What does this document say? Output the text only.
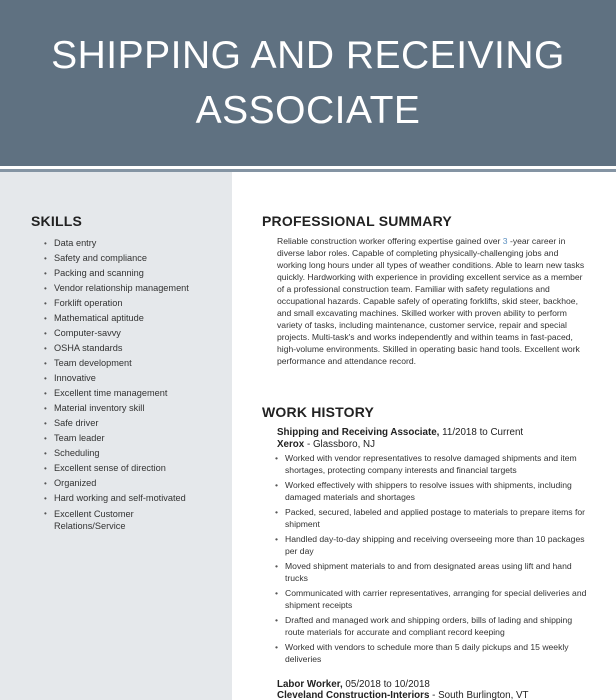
SHIPPING AND RECEIVING
ASSOCIATE
SKILLS
• Data entry
• Safety and compliance
• Packing and scanning
• Vendor relationship management
• Forklift operation
• Mathematical aptitude
• Computer-savvy
• OSHA standards
• Team development
• Innovative
• Excellent time management
• Material inventory skill
• Safe driver
• Team leader
• Scheduling
• Excellent sense of direction
• Organized
• Hard working and self-motivated
• Excellent Customer
Relations/Service
PROFESSIONAL SUMMARY
Reliable construction worker offering expertise gained over 3 -year career in diverse labor roles. Capable of completing physically-challenging jobs and working long hours under all types of weather conditions. Able to learn new tasks quickly. Hardworking with experience in providing excellent service as a member of a professional construction team. Familiar with safety regulations and occupational hazards. Capable safely of operating forklifts, skid steer, backhoe, and small excavating machines. Skilled worker with proven ability to perform variety of tasks, including maintenance, customer service, repair and special projects. Multi-task's and works independently and within teams in fast-paced, high-volume environments. Skilled in operating basic hand tools. Excellent work performance and attendance record.
WORK HISTORY
Shipping and Receiving Associate, 11/2018 to Current
Xerox - Glassboro, NJ
• Worked with vendor representatives to resolve damaged shipments and item shortages, protecting company interests and financial targets
• Worked effectively with shippers to resolve issues with shipments, including damaged materials and shortages
• Packed, secured, labeled and applied postage to materials to prepare items for shipment
• Handled day-to-day shipping and receiving overseeing more than 10 packages per day
• Moved shipment materials to and from designated areas using lift and hand trucks
• Communicated with carrier representatives, arranging for special deliveries and shipment receipts
• Drafted and managed work and shipping orders, bills of lading and shipping route materials for accurate and compliant record keeping
• Worked with vendors to schedule more than 5 daily pickups and 15 weekly deliveries
Labor Worker, 05/2018 to 10/2018
Cleveland Construction-Interiors - South Burlington, VT
